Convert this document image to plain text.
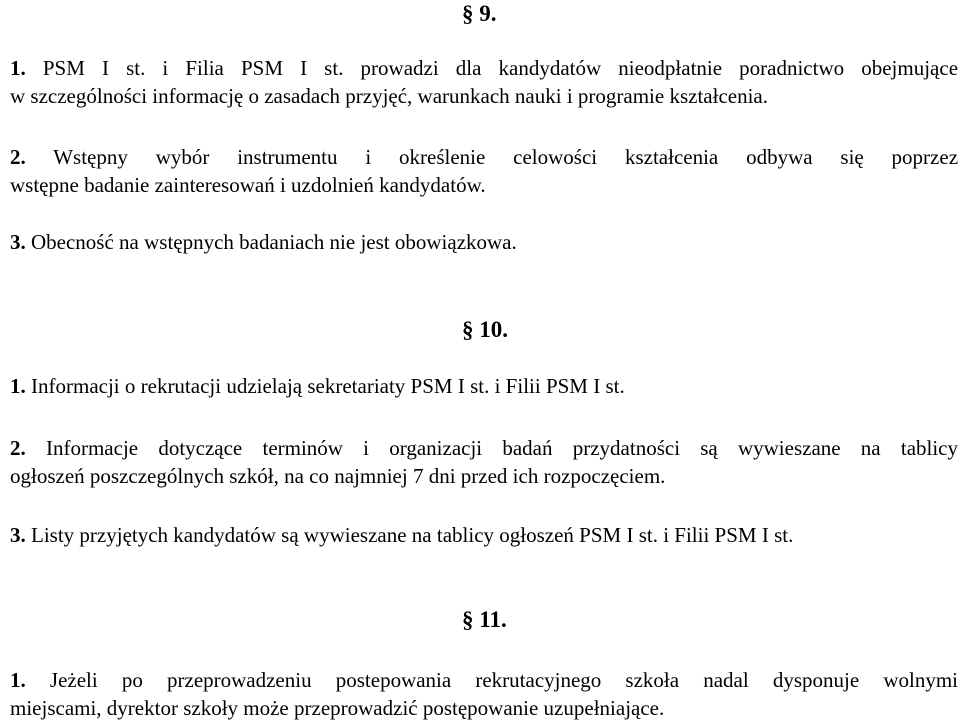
§ 9.

1. PSM I st. i Filia PSM I st. prowadzi dla kandydatów nieodpłatnie poradnictwo obejmujące
w szczególności informację o zasadach przyjęć, warunkach nauki i programie kształcenia.

2. Wstępny wybór instrumentu i określenie celowości kształcenia odbywa się poprzez
wstępne badanie zainteresowań i uzdolnień kandydatów.

3. Obecność na wstępnych badaniach nie jest obowiązkowa.

§ 10.

1. Informacji o rekrutacji udzielają sekretariaty PSM I st. i Filii PSM I st.

2. Informacje dotyczące terminów i organizacji badań przydatności są wywieszane na tablicy
ogłoszeń poszczególnych szkół, na co najmniej 7 dni przed ich rozpoczęciem.

3. Listy przyjętych kandydatów są wywieszane na tablicy ogłoszeń PSM I st. i Filii PSM I st.

§ 11.

1. Jeżeli po przeprowadzeniu postepowania rekrutacyjnego szkoła nadal dysponuje wolnymi
miejscami, dyrektor szkoły może przeprowadzić postępowanie uzupełniające.
